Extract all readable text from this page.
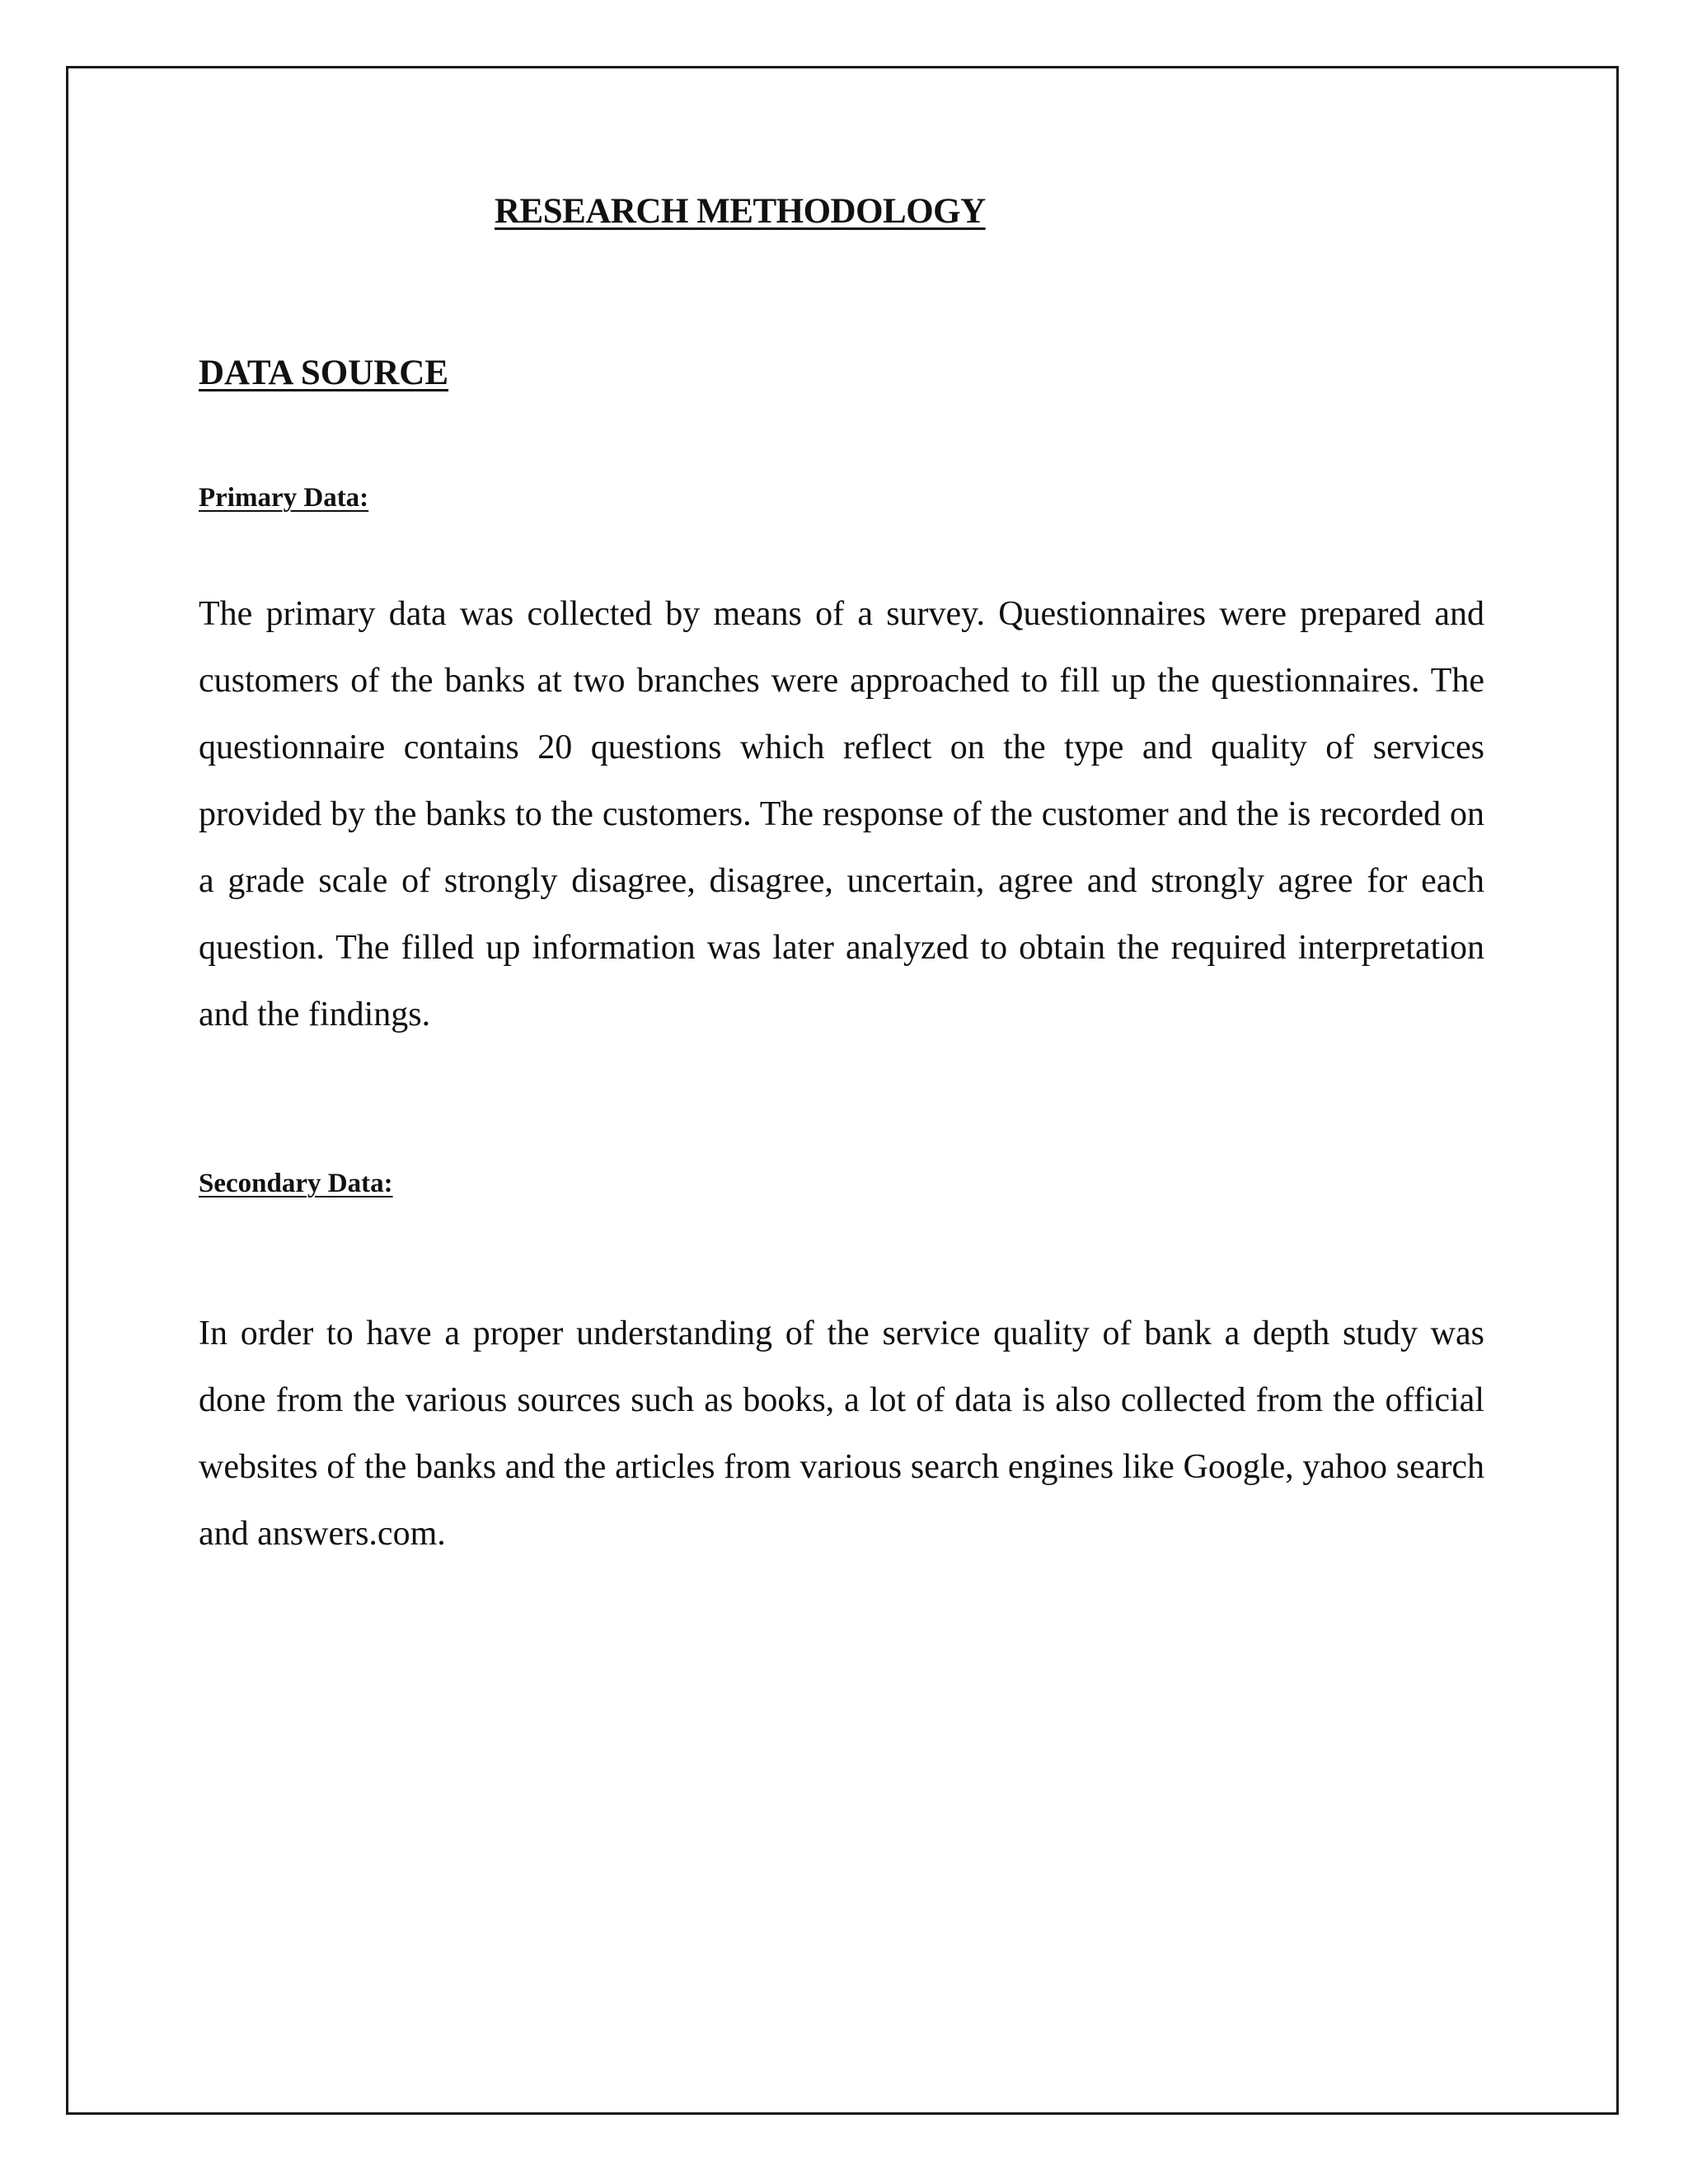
RESEARCH METHODOLOGY
DATA SOURCE
Primary Data:

The primary data was collected by means of a survey. Questionnaires were prepared and customers of the banks at two branches were approached to fill up the questionnaires. The questionnaire contains 20 questions which reflect on the type and quality of services provided by the banks to the customers. The response of the customer and the is recorded on a grade scale of strongly disagree, disagree, uncertain, agree and strongly agree for each question. The filled up information was later analyzed to obtain the required interpretation and the findings.

Secondary Data:

In order to have a proper understanding of the service quality of bank a depth study was done from the various sources such as books, a lot of data is also collected from the official websites of the banks and the articles from various search engines like Google, yahoo search and answers.com.
